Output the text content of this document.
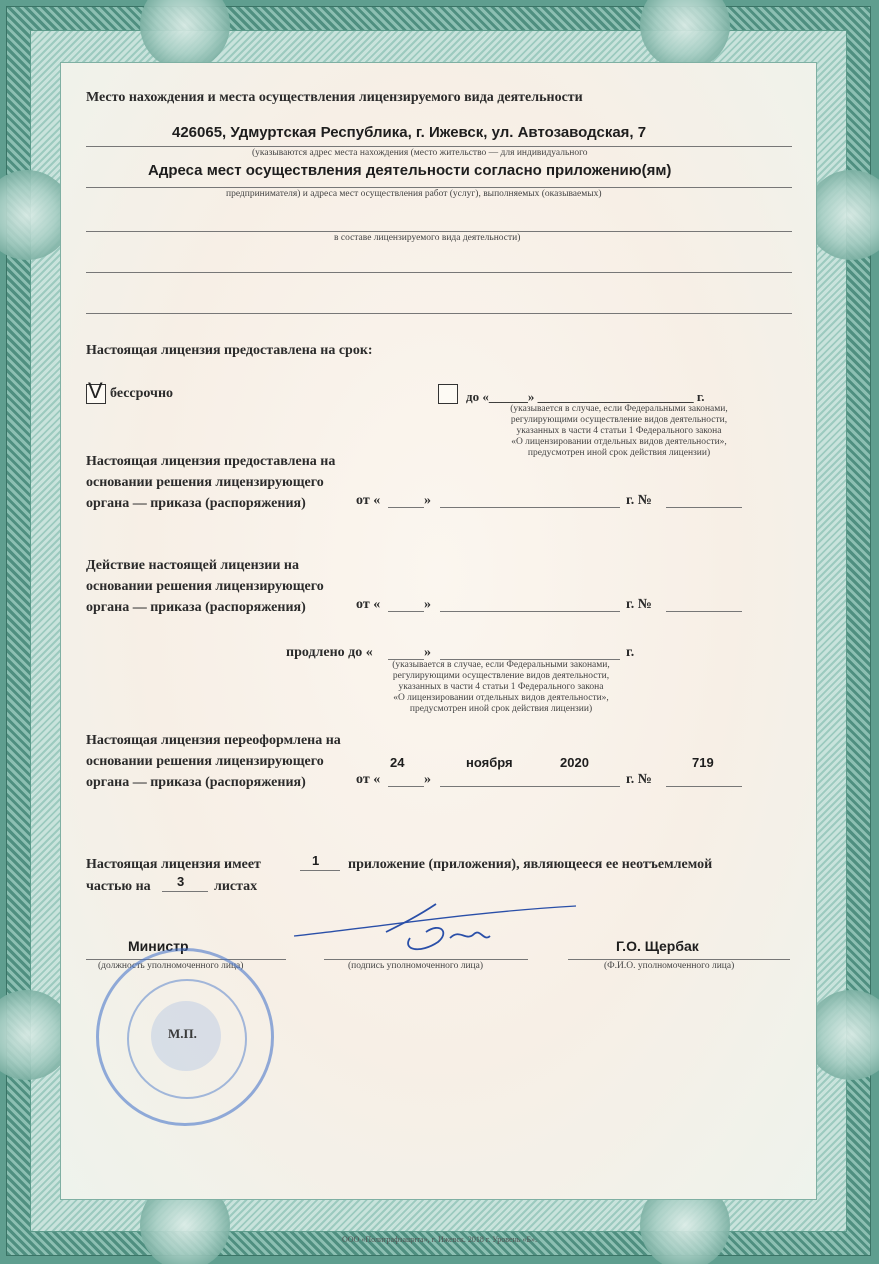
Место нахождения и места осуществления лицензируемого вида деятельности
426065, Удмуртская Республика, г. Ижевск, ул. Автозаводская, 7
(указываются адрес места нахождения (место жительство — для индивидуального
Адреса мест осуществления деятельности согласно приложению(ям)
предпринимателя) и адреса мест осуществления работ (услуг), выполняемых (оказываемых)
в составе лицензируемого вида деятельности)
Настоящая лицензия предоставлена на срок:
V бессрочно	до «______» ________________________ г.
(указывается в случае, если Федеральными законами,
регулирующими осуществление видов деятельности,
указанных в части 4 статьи 1 Федерального закона
«О лицензировании отдельных видов деятельности»,
предусмотрен иной срок действия лицензии)
Настоящая лицензия предоставлена на
основании решения лицензирующего
органа — приказа (распоряжения)	от «	»	г. №
Действие настоящей лицензии на
основании решения лицензирующего
органа — приказа (распоряжения)	от «	»	г. №
продлено до «	»	г.
(указывается в случае, если Федеральными законами,
регулирующими осуществление видов деятельности,
указанных в части 4 статьи 1 Федерального закона
«О лицензировании отдельных видов деятельности»,
предусмотрен иной срок действия лицензии)
Настоящая лицензия переоформлена на
основании решения лицензирующего
органа — приказа (распоряжения)
24	ноября	2020	719
от «	»	г. №
Настоящая лицензия имеет	1 приложение (приложения), являющееся ее неотъемлемой
частью на 3 листах
Министр
(должность уполномоченного лица)	(подпись уполномоченного лица)
Г.О. Щербак
(Ф.И.О. уполномоченного лица)
М.П.
ООО «Полиграфзащита», г. Ижевск. 2018 г. Уровень «Б».
